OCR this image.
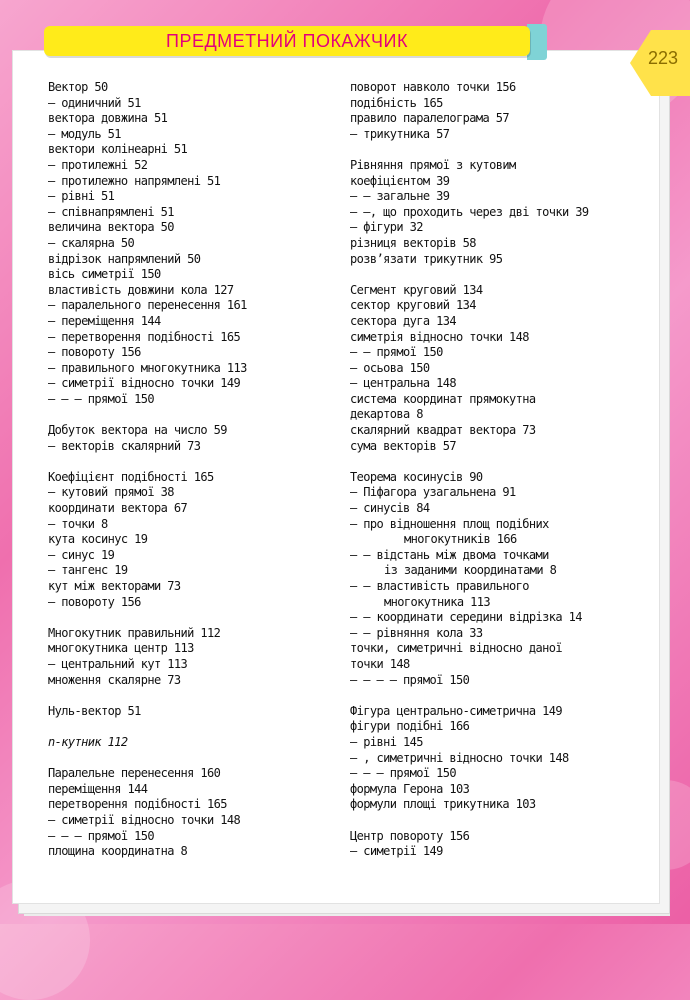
ПРЕДМЕТНИЙ ПОКАЖЧИК
223
Вектор 50
— одиничний 51
вектора довжина 51
— модуль 51
вектори колінеарні 51
— протилежні 52
— протилежно напрямлені 51
— рівні 51
— співнапрямлені 51
величина вектора 50
— скалярна 50
відрізок напрямлений 50
вісь симетрії 150
властивість довжини кола 127
— паралельного перенесення 161
— переміщення 144
— перетворення подібності 165
— повороту 156
— правильного многокутника 113
— симетрії відносно точки 149
— — — прямої 150
Добуток вектора на число 59
— векторів скалярний 73
Коефіцієнт подібності 165
— кутовий прямої 38
координати вектора 67
— точки 8
кута косинус 19
— синус 19
— тангенс 19
кут між векторами 73
— повороту 156
Многокутник правильний 112
многокутника центр 113
— центральний кут 113
множення скалярне 73
Нуль-вектор 51
n-кутник 112
Паралельне перенесення 160
переміщення 144
перетворення подібності 165
— симетрії відносно точки 148
— — — прямої 150
площина координатна 8
поворот навколо точки 156
подібність 165
правило паралелограма 57
— трикутника 57
Рівняння прямої з кутовим
коефіцієнтом 39
— — загальне 39
— —, що проходить через дві точки 39
— фігури 32
різниця векторів 58
розв’язати трикутник 95
Сегмент круговий 134
сектор круговий 134
сектора дуга 134
симетрія відносно точки 148
— — прямої 150
— осьова 150
— центральна 148
система координат прямокутна
декартова 8
скалярний квадрат вектора 73
сума векторів 57
Теорема косинусів 90
— Піфагора узагальнена 91
— синусів 84
— про відношення площ подібних
многокутників 166
— — відстань між двома точками
із заданими координатами 8
— — властивість правильного
многокутника 113
— — координати середини відрізка 14
— — рівняння кола 33
точки, симетричні відносно даної
точки 148
— — — — прямої 150
Фігура центрально-симетрична 149
фігури подібні 166
— рівні 145
— , симетричні відносно точки 148
— — — прямої 150
формула Герона 103
формули площі трикутника 103
Центр повороту 156
— симетрії 149
